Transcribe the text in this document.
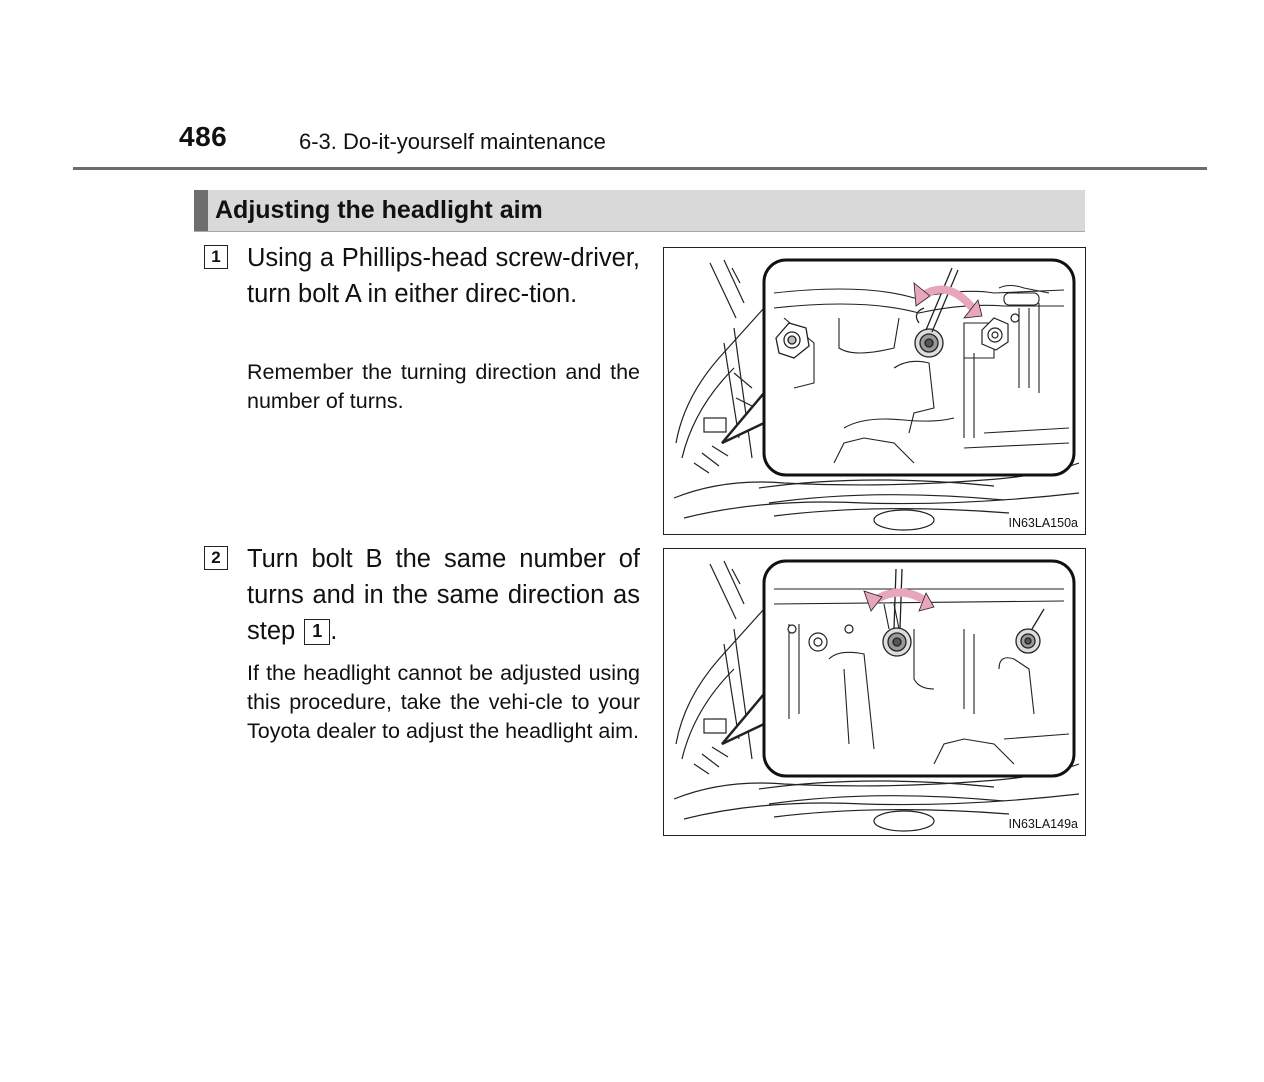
486	6-3. Do-it-yourself maintenance
Adjusting the headlight aim
1 Using a Phillips-head screw-driver, turn bolt A in either direc-tion.
Remember the turning direction and the number of turns.
IN63LA150a
2 Turn bolt B the same number of turns and in the same direction as step 1 .
If the headlight cannot be adjusted using this procedure, take the vehi-cle to your Toyota dealer to adjust the headlight aim.
IN63LA149a
